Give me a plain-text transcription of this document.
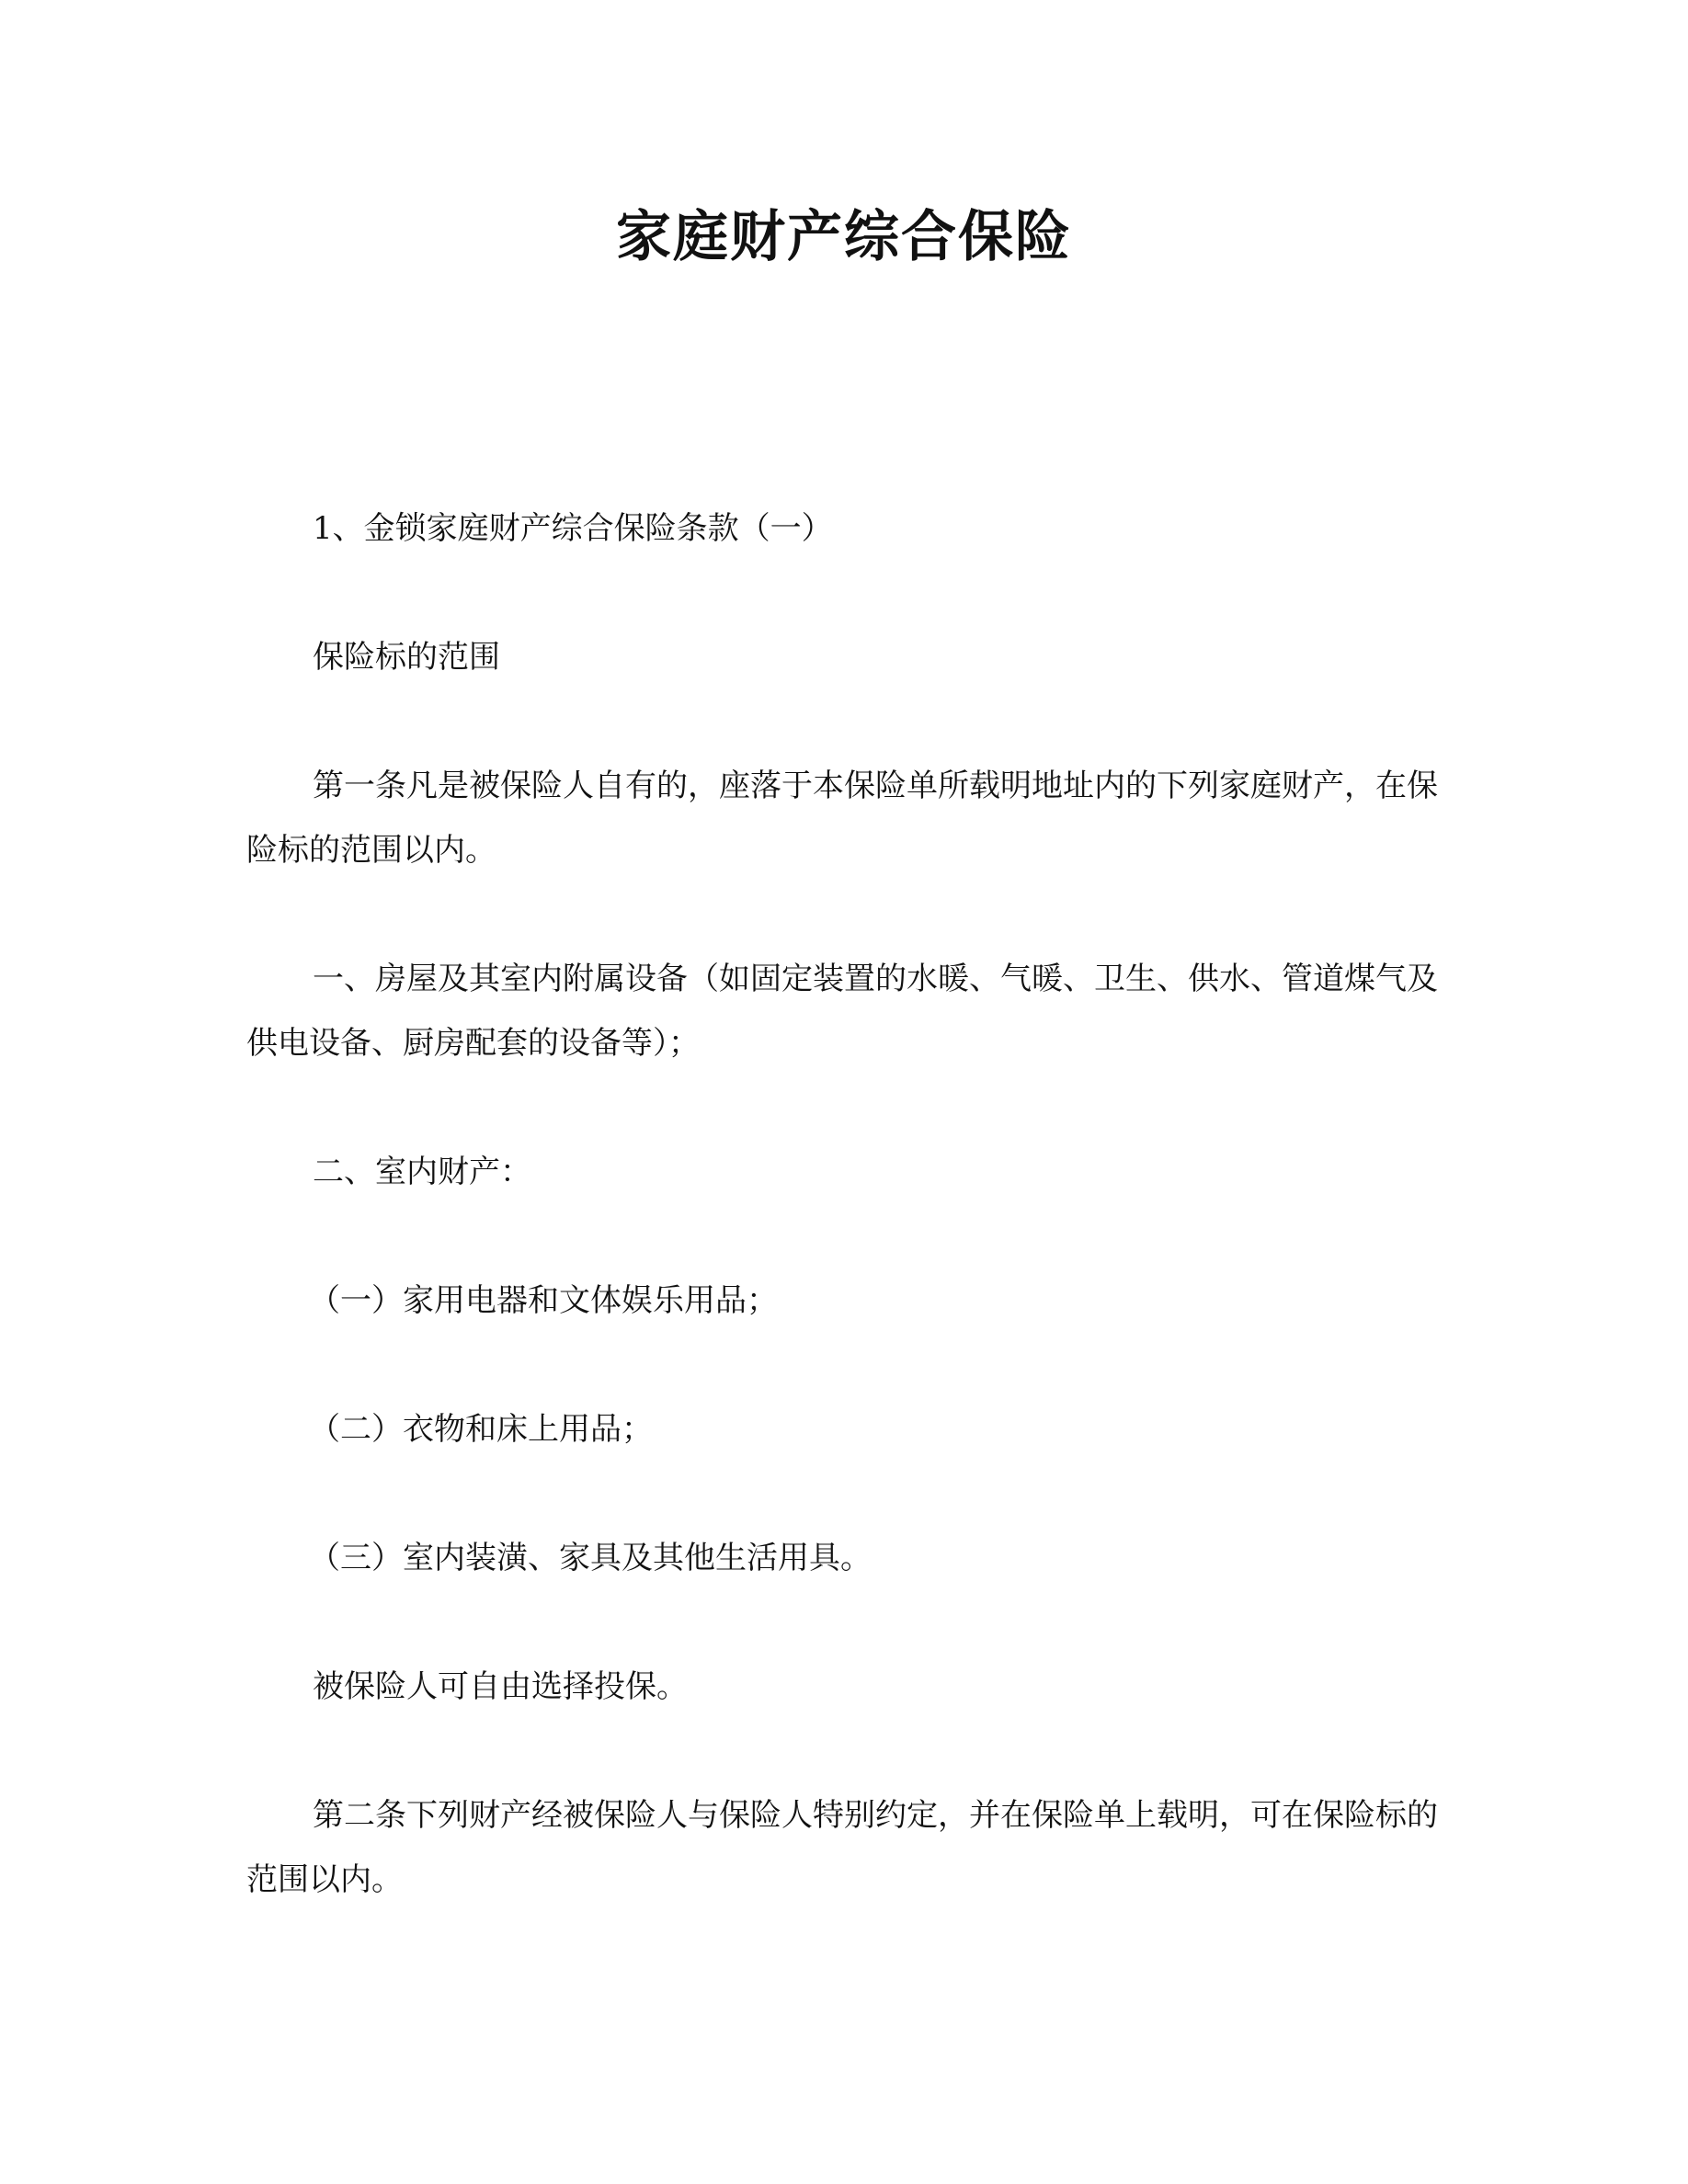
家庭财产综合保险

1、金锁家庭财产综合保险条款（一）

保险标的范围

第一条凡是被保险人自有的，座落于本保险单所载明地址内的下列家庭财产，在保险标的范围以内。

一、房屋及其室内附属设备（如固定装置的水暖、气暖、卫生、供水、管道煤气及供电设备、厨房配套的设备等）；

二、室内财产：

（一）家用电器和文体娱乐用品；

（二）衣物和床上用品；

（三）室内装潢、家具及其他生活用具。

被保险人可自由选择投保。

第二条下列财产经被保险人与保险人特别约定，并在保险单上载明，可在保险标的范围以内。
